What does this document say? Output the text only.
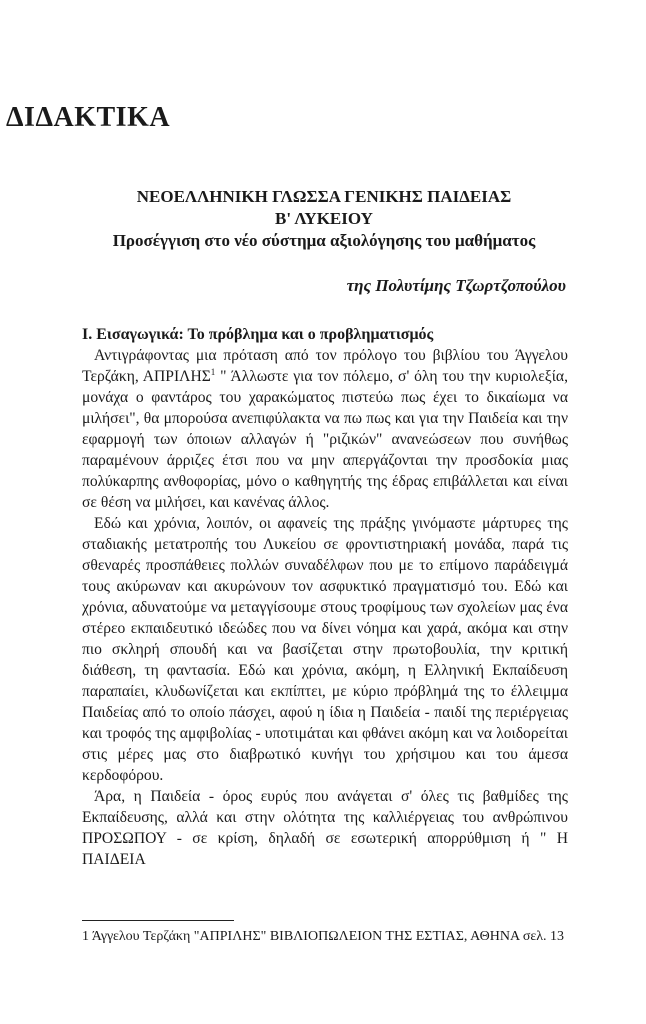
ΔΙΔΑΚΤΙΚΑ
ΝΕΟΕΛΛΗΝΙΚΗ ΓΛΩΣΣΑ ΓΕΝΙΚΗΣ ΠΑΙΔΕΙΑΣ
Β' ΛΥΚΕΙΟΥ
Προσέγγιση στο νέο σύστημα αξιολόγησης του μαθήματος

της Πολυτίμης Τζωρτζοπούλου

Ι. Εισαγωγικά: Το πρόβλημα και ο προβληματισμός

Αντιγράφοντας μια πρόταση από τον πρόλογο του βιβλίου του Άγγελου Τερζάκη, ΑΠΡΙΛΗΣ$^1$ " Άλλωστε για τον πόλεμο, σ' όλη του την κυριολεξία, μονάχα ο φαντάρος του χαρακώματος πιστεύω πως έχει το δικαίωμα να μιλήσει", θα μπορούσα ανεπιφύλακτα να πω πως και για την Παιδεία και την εφαρμογή των όποιων αλλαγών ή "ριζικών" ανανεώσεων που συνήθως παραμένουν άρριζες έτσι που να μην απεργάζονται την προσδοκία μιας πολύκαρπης ανθοφορίας, μόνο ο καθηγητής της έδρας επιβάλλεται και είναι σε θέση να μιλήσει, και κανένας άλλος.

Εδώ και χρόνια, λοιπόν, οι αφανείς της πράξης γινόμαστε μάρτυρες της σταδιακής μετατροπής του Λυκείου σε φροντιστηριακή μονάδα, παρά τις σθεναρές προσπάθειες πολλών συναδέλφων που με το επίμονο παράδειγμά τους ακύρωναν και ακυρώνουν τον ασφυκτικό πραγματισμό του. Εδώ και χρόνια, αδυνατούμε να μεταγγίσουμε στους τροφίμους των σχολείων μας ένα στέρεο εκπαιδευτικό ιδεώδες που να δίνει νόημα και χαρά, ακόμα και στην πιο σκληρή σπουδή και να βασίζεται στην πρωτοβουλία, την κριτική διάθεση, τη φαντασία. Εδώ και χρόνια, ακόμη, η Ελληνική Εκπαίδευση παραπαίει, κλυδωνίζεται και εκπίπτει, με κύριο πρόβλημά της το έλλειμμα Παιδείας από το οποίο πάσχει, αφού η ίδια η Παιδεία - παιδί της περιέργειας και τροφός της αμφιβολίας - υποτιμάται και φθάνει ακόμη και να λοιδορείται στις μέρες μας στο διαβρωτικό κυνήγι του χρήσιμου και του άμεσα κερδοφόρου.

Άρα, η Παιδεία - όρος ευρύς που ανάγεται σ' όλες τις βαθμίδες της Εκπαίδευσης, αλλά και στην ολότητα της καλλιέργειας του ανθρώπινου ΠΡΟΣΩΠΟΥ - σε κρίση, δηλαδή σε εσωτερική απορρύθμιση ή " Η ΠΑΙΔΕΙΑ

1 Άγγελου Τερζάκη "ΑΠΡΙΛΗΣ" ΒΙΒΛΙΟΠΩΛΕΙΟΝ ΤΗΣ ΕΣΤΙΑΣ, ΑΘΗΝΑ σελ. 13
